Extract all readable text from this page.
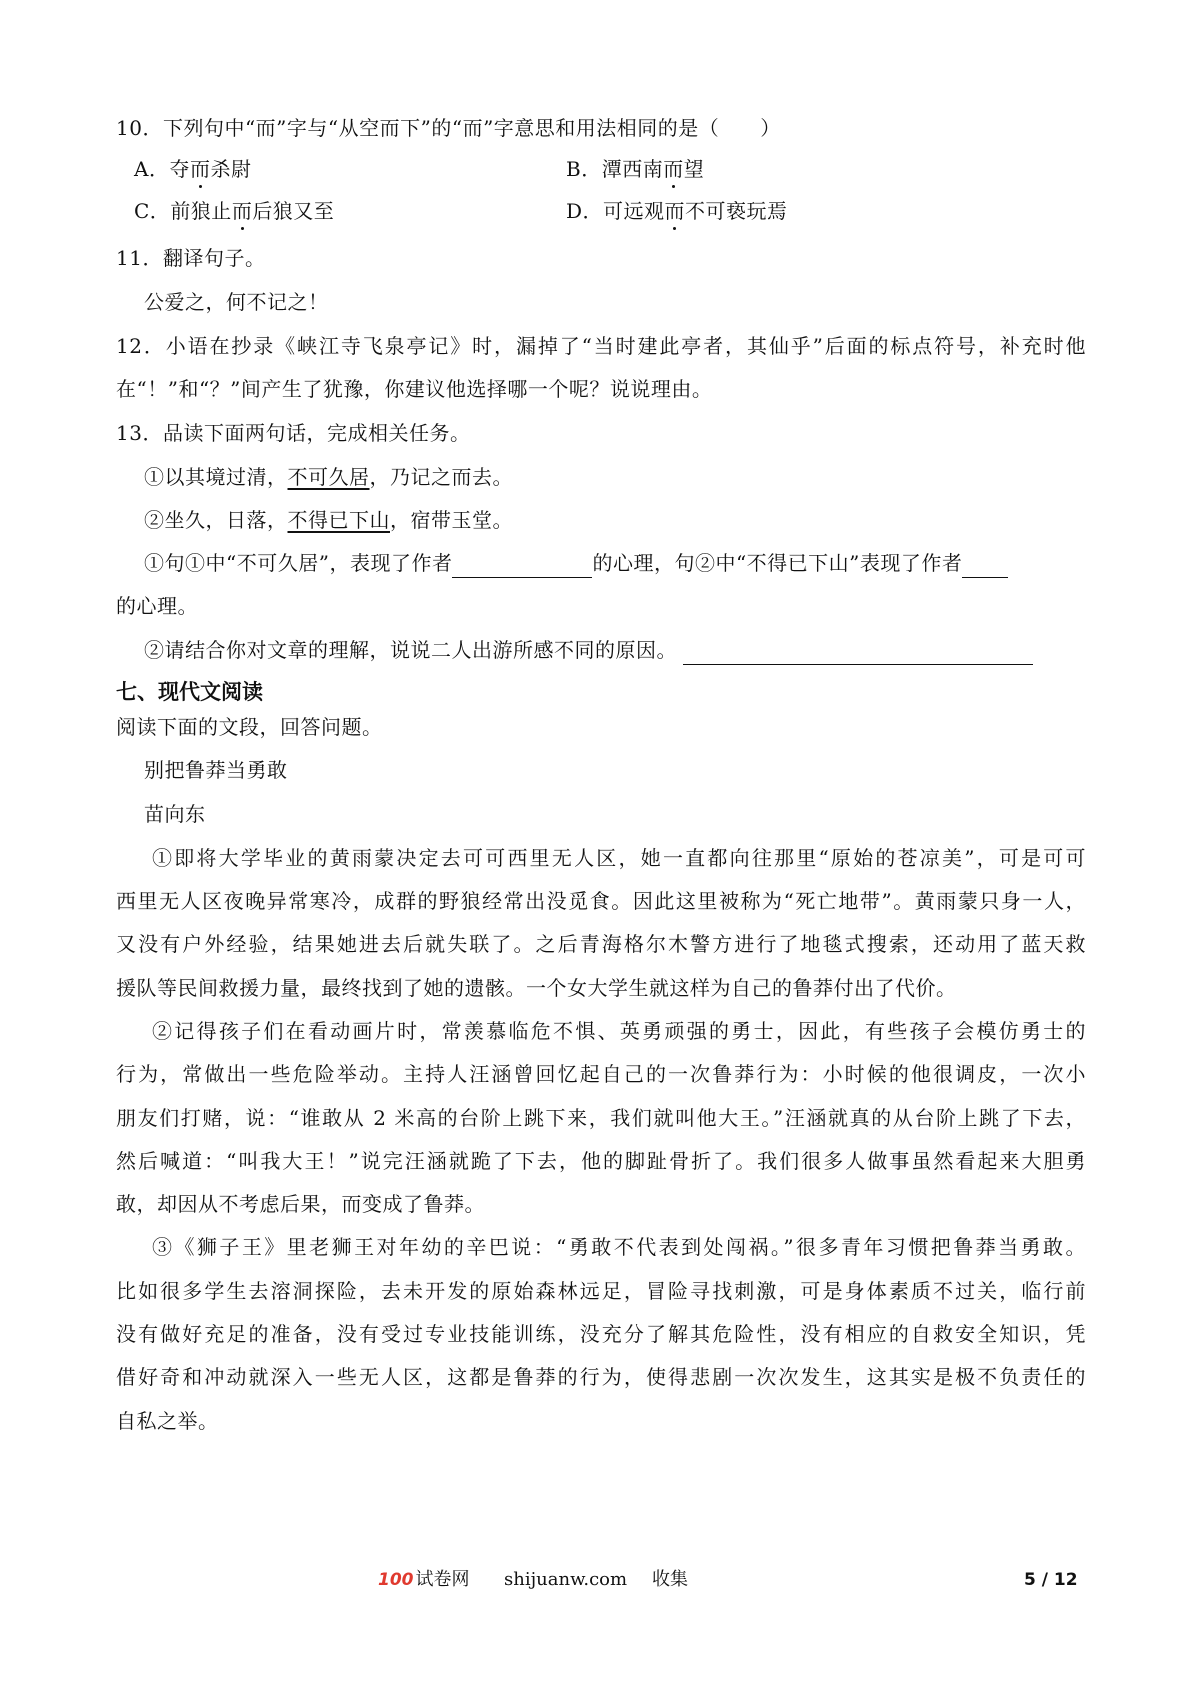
10．下列句中“而”字与“从空而下”的“而”字意思和用法相同的是（　　）
A．夺而杀尉	B．潭西南而望
C．前狼止而后狼又至	D．可远观而不可亵玩焉
11．翻译句子。
公爱之，何不记之！
12．小语在抄录《峡江寺飞泉亭记》时，漏掉了“当时建此亭者，其仙乎”后面的标点符号，补充时他
在“！”和“？”间产生了犹豫，你建议他选择哪一个呢？说说理由。
13．品读下面两句话，完成相关任务。
①以其境过清，不可久居，乃记之而去。
②坐久，日落，不得已下山，宿带玉堂。
①句①中“不可久居”，表现了作者	的心理，句②中“不得已下山”表现了作者
的心理。
②请结合你对文章的理解，说说二人出游所感不同的原因。
七、现代文阅读
阅读下面的文段，回答问题。
别把鲁莽当勇敢
苗向东
①即将大学毕业的黄雨蒙决定去可可西里无人区，她一直都向往那里“原始的苍凉美”，可是可可
西里无人区夜晚异常寒冷，成群的野狼经常出没觅食。因此这里被称为“死亡地带”。黄雨蒙只身一人，
又没有户外经验，结果她进去后就失联了。之后青海格尔木警方进行了地毯式搜索，还动用了蓝天救
援队等民间救援力量，最终找到了她的遗骸。一个女大学生就这样为自己的鲁莽付出了代价。
②记得孩子们在看动画片时，常羡慕临危不惧、英勇顽强的勇士，因此，有些孩子会模仿勇士的
行为，常做出一些危险举动。主持人汪涵曾回忆起自己的一次鲁莽行为：小时候的他很调皮，一次小
朋友们打赌，说：“谁敢从 2 米高的台阶上跳下来，我们就叫他大王。”汪涵就真的从台阶上跳了下去，
然后喊道：“叫我大王！”说完汪涵就跪了下去，他的脚趾骨折了。我们很多人做事虽然看起来大胆勇
敢，却因从不考虑后果，而变成了鲁莽。
③《狮子王》里老狮王对年幼的辛巴说：“勇敢不代表到处闯祸。”很多青年习惯把鲁莽当勇敢。
比如很多学生去溶洞探险，去未开发的原始森林远足，冒险寻找刺激，可是身体素质不过关，临行前
没有做好充足的准备，没有受过专业技能训练，没充分了解其危险性，没有相应的自救安全知识，凭
借好奇和冲动就深入一些无人区，这都是鲁莽的行为，使得悲剧一次次发生，这其实是极不负责任的
自私之举。
100 试卷网 shijuanw.com 收集	5 / 12
